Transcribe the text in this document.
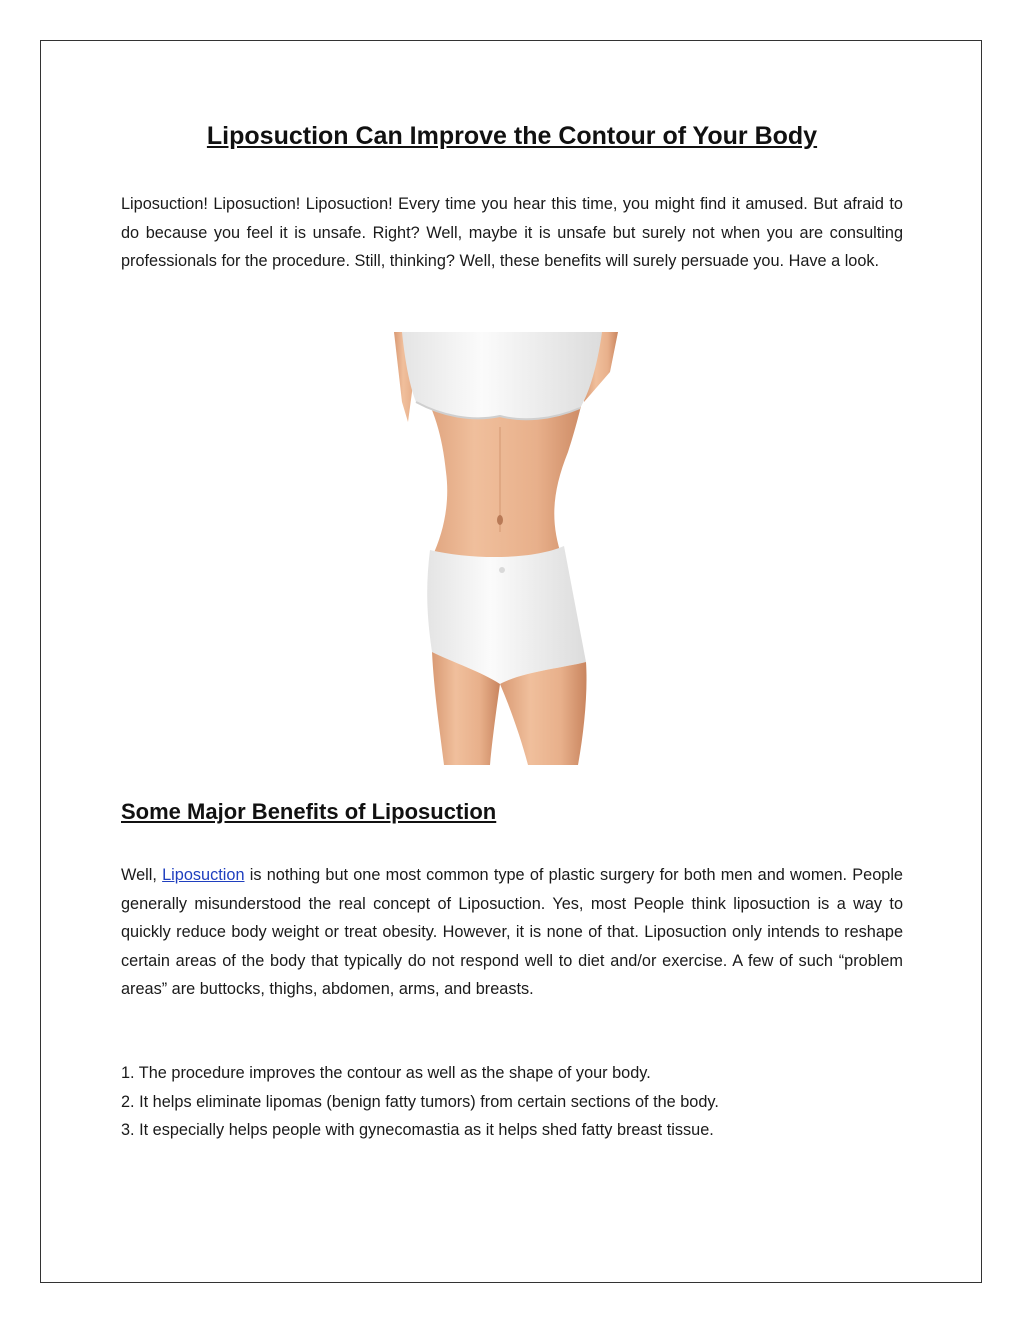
Liposuction Can Improve the Contour of Your Body

Liposuction! Liposuction! Liposuction! Every time you hear this time, you might find it amused. But afraid to do because you feel it is unsafe. Right? Well, maybe it is unsafe but surely not when you are consulting professionals for the procedure. Still, thinking? Well, these benefits will surely persuade you. Have a look.

Some Major Benefits of Liposuction

Well, Liposuction is nothing but one most common type of plastic surgery for both men and women. People generally misunderstood the real concept of Liposuction. Yes, most People think liposuction is a way to quickly reduce body weight or treat obesity. However, it is none of that. Liposuction only intends to reshape certain areas of the body that typically do not respond well to diet and/or exercise. A few of such “problem areas” are buttocks, thighs, abdomen, arms, and breasts.

1. The procedure improves the contour as well as the shape of your body.
2. It helps eliminate lipomas (benign fatty tumors) from certain sections of the body.
3. It especially helps people with gynecomastia as it helps shed fatty breast tissue.
